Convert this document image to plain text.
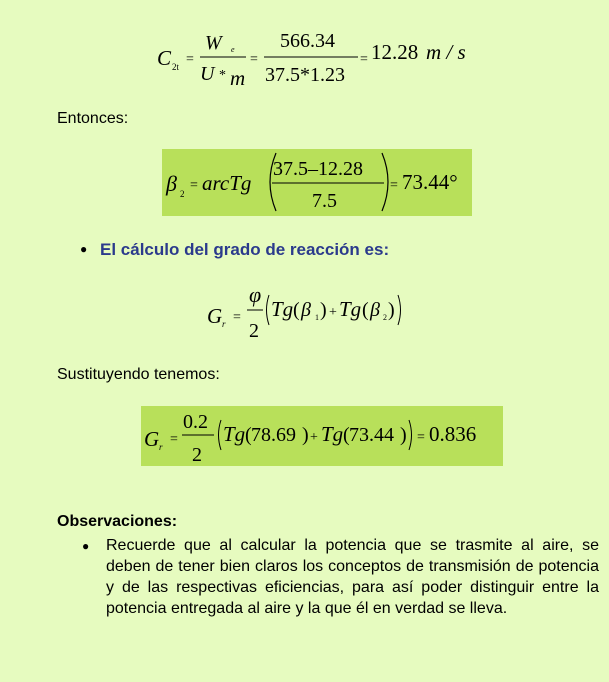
C 2t =
W e
U * m
=
566.34
37.5*1.23
= 12.28 m / s
Entonces:
β 2
= arcTg
37.5–12.28
7.5
= 73.44°
● El cálculo del grado de reacción es:
G r =
φ
2
Tg ( β 1 ) + Tg ( β 2 )
Sustituyendo tenemos:
G r =
0.2
2
Tg ( 78.69 ) + Tg ( 73.44 ) = 0.836
Observaciones:
● Recuerde que al calcular la potencia que se trasmite al aire, se deben de tener bien claros los conceptos de transmisión de potencia y de las respectivas eficiencias, para así poder distinguir entre la potencia entregada al aire y la que él en verdad se lleva.
